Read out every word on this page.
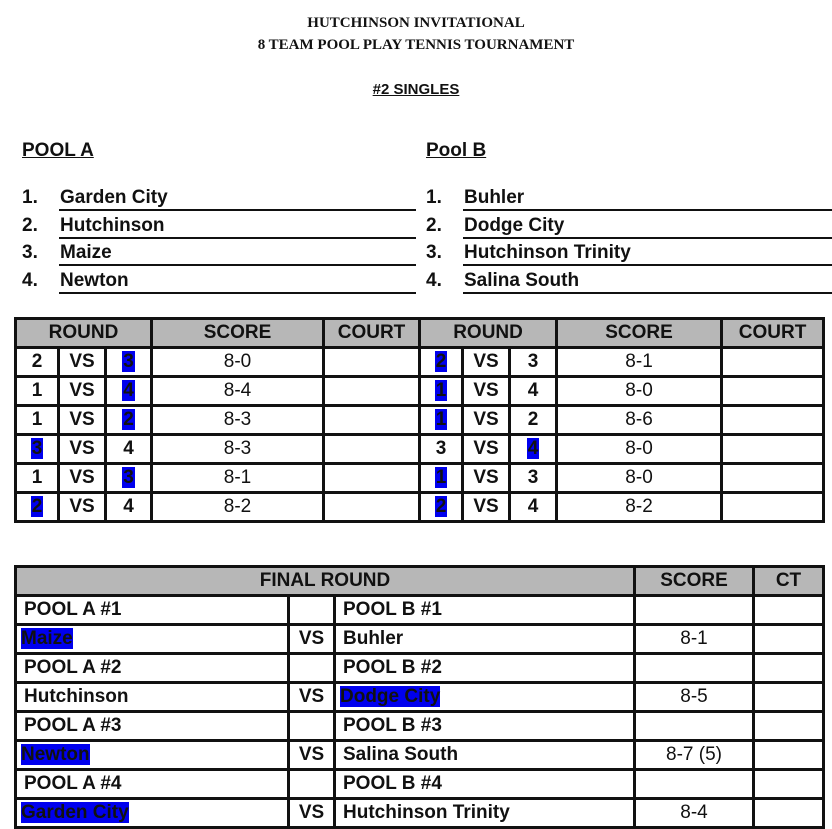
HUTCHINSON INVITATIONAL
8 TEAM POOL PLAY TENNIS TOURNAMENT
#2 SINGLES
POOL A	Pool B
1. Garden City
2. Hutchinson
3. Maize
4. Newton
1. Buhler
2. Dodge City
3. Hutchinson Trinity
4. Salina South
ROUND			SCORE	COURT	ROUND			SCORE	COURT
2	VS	3	8-0		2	VS	3	8-1	
1	VS	4	8-4		1	VS	4	8-0	
1	VS	2	8-3		1	VS	2	8-6	
3	VS	4	8-3		3	VS	4	8-0	
1	VS	3	8-1		1	VS	3	8-0	
2	VS	4	8-2		2	VS	4	8-2	
FINAL ROUND			SCORE	CT
POOL A #1		POOL B #1		
Maize	VS	Buhler	8-1	
POOL A #2		POOL B #2		
Hutchinson	VS	Dodge City	8-5	
POOL A #3		POOL B #3		
Newton	VS	Salina South	8-7 (5)	
POOL A #4		POOL B #4		
Garden City	VS	Hutchinson Trinity	8-4	
